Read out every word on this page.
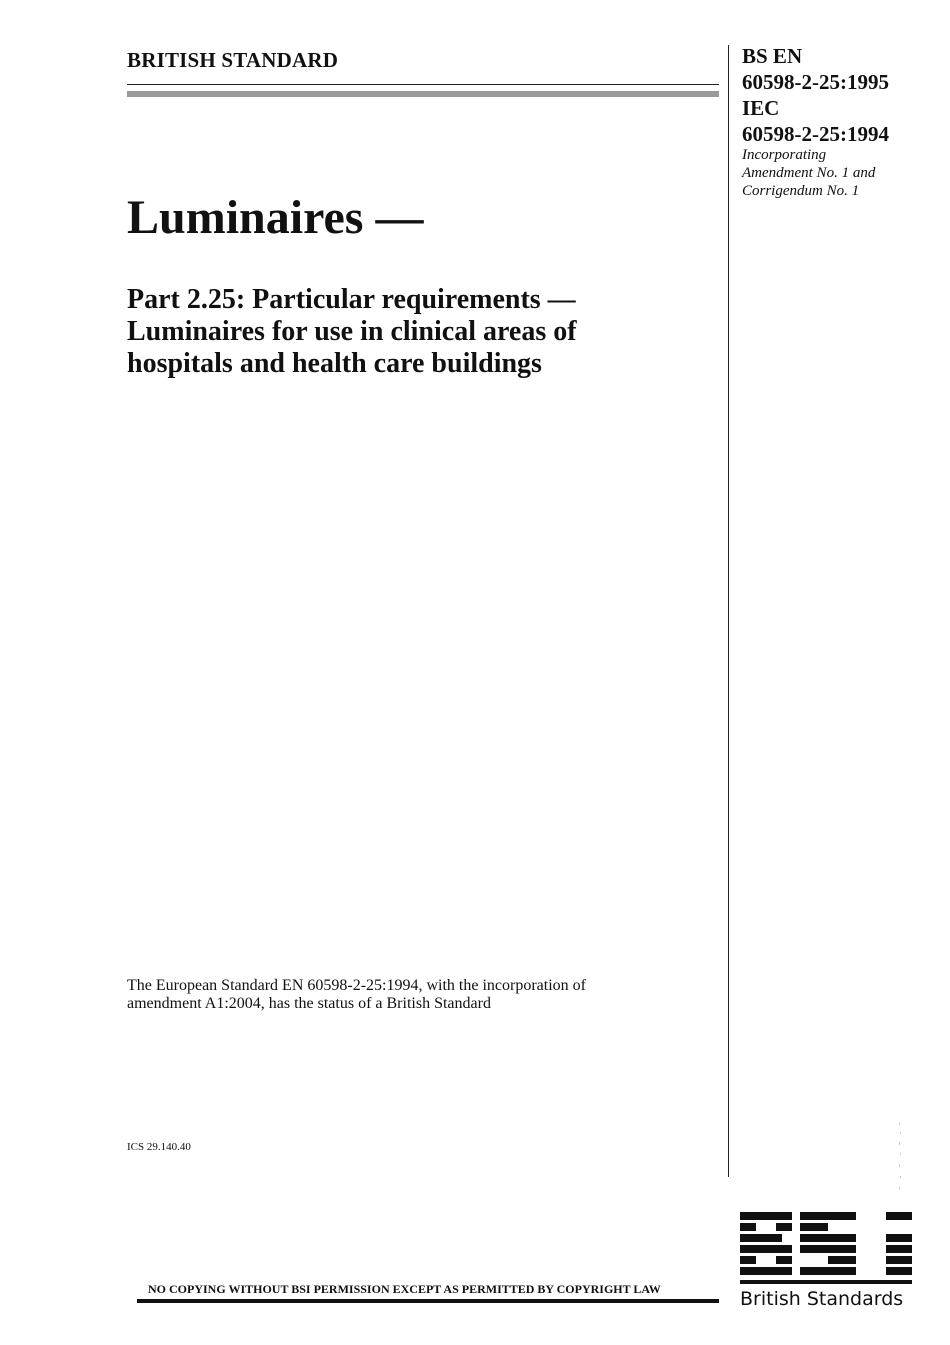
BRITISH STANDARD	BS EN
60598-2-25:1995
IEC
60598-2-25:1994
Incorporating
Amendment No. 1 and
Corrigendum No. 1
Luminaires —
Part 2.25: Particular requirements —
Luminaires for use in clinical areas of
hospitals and health care buildings
The European Standard EN 60598-2-25:1994, with the incorporation of
amendment A1:2004, has the status of a British Standard
ICS 29.140.40
NO COPYING WITHOUT BSI PERMISSION EXCEPT AS PERMITTED BY COPYRIGHT LAW	British Standards
